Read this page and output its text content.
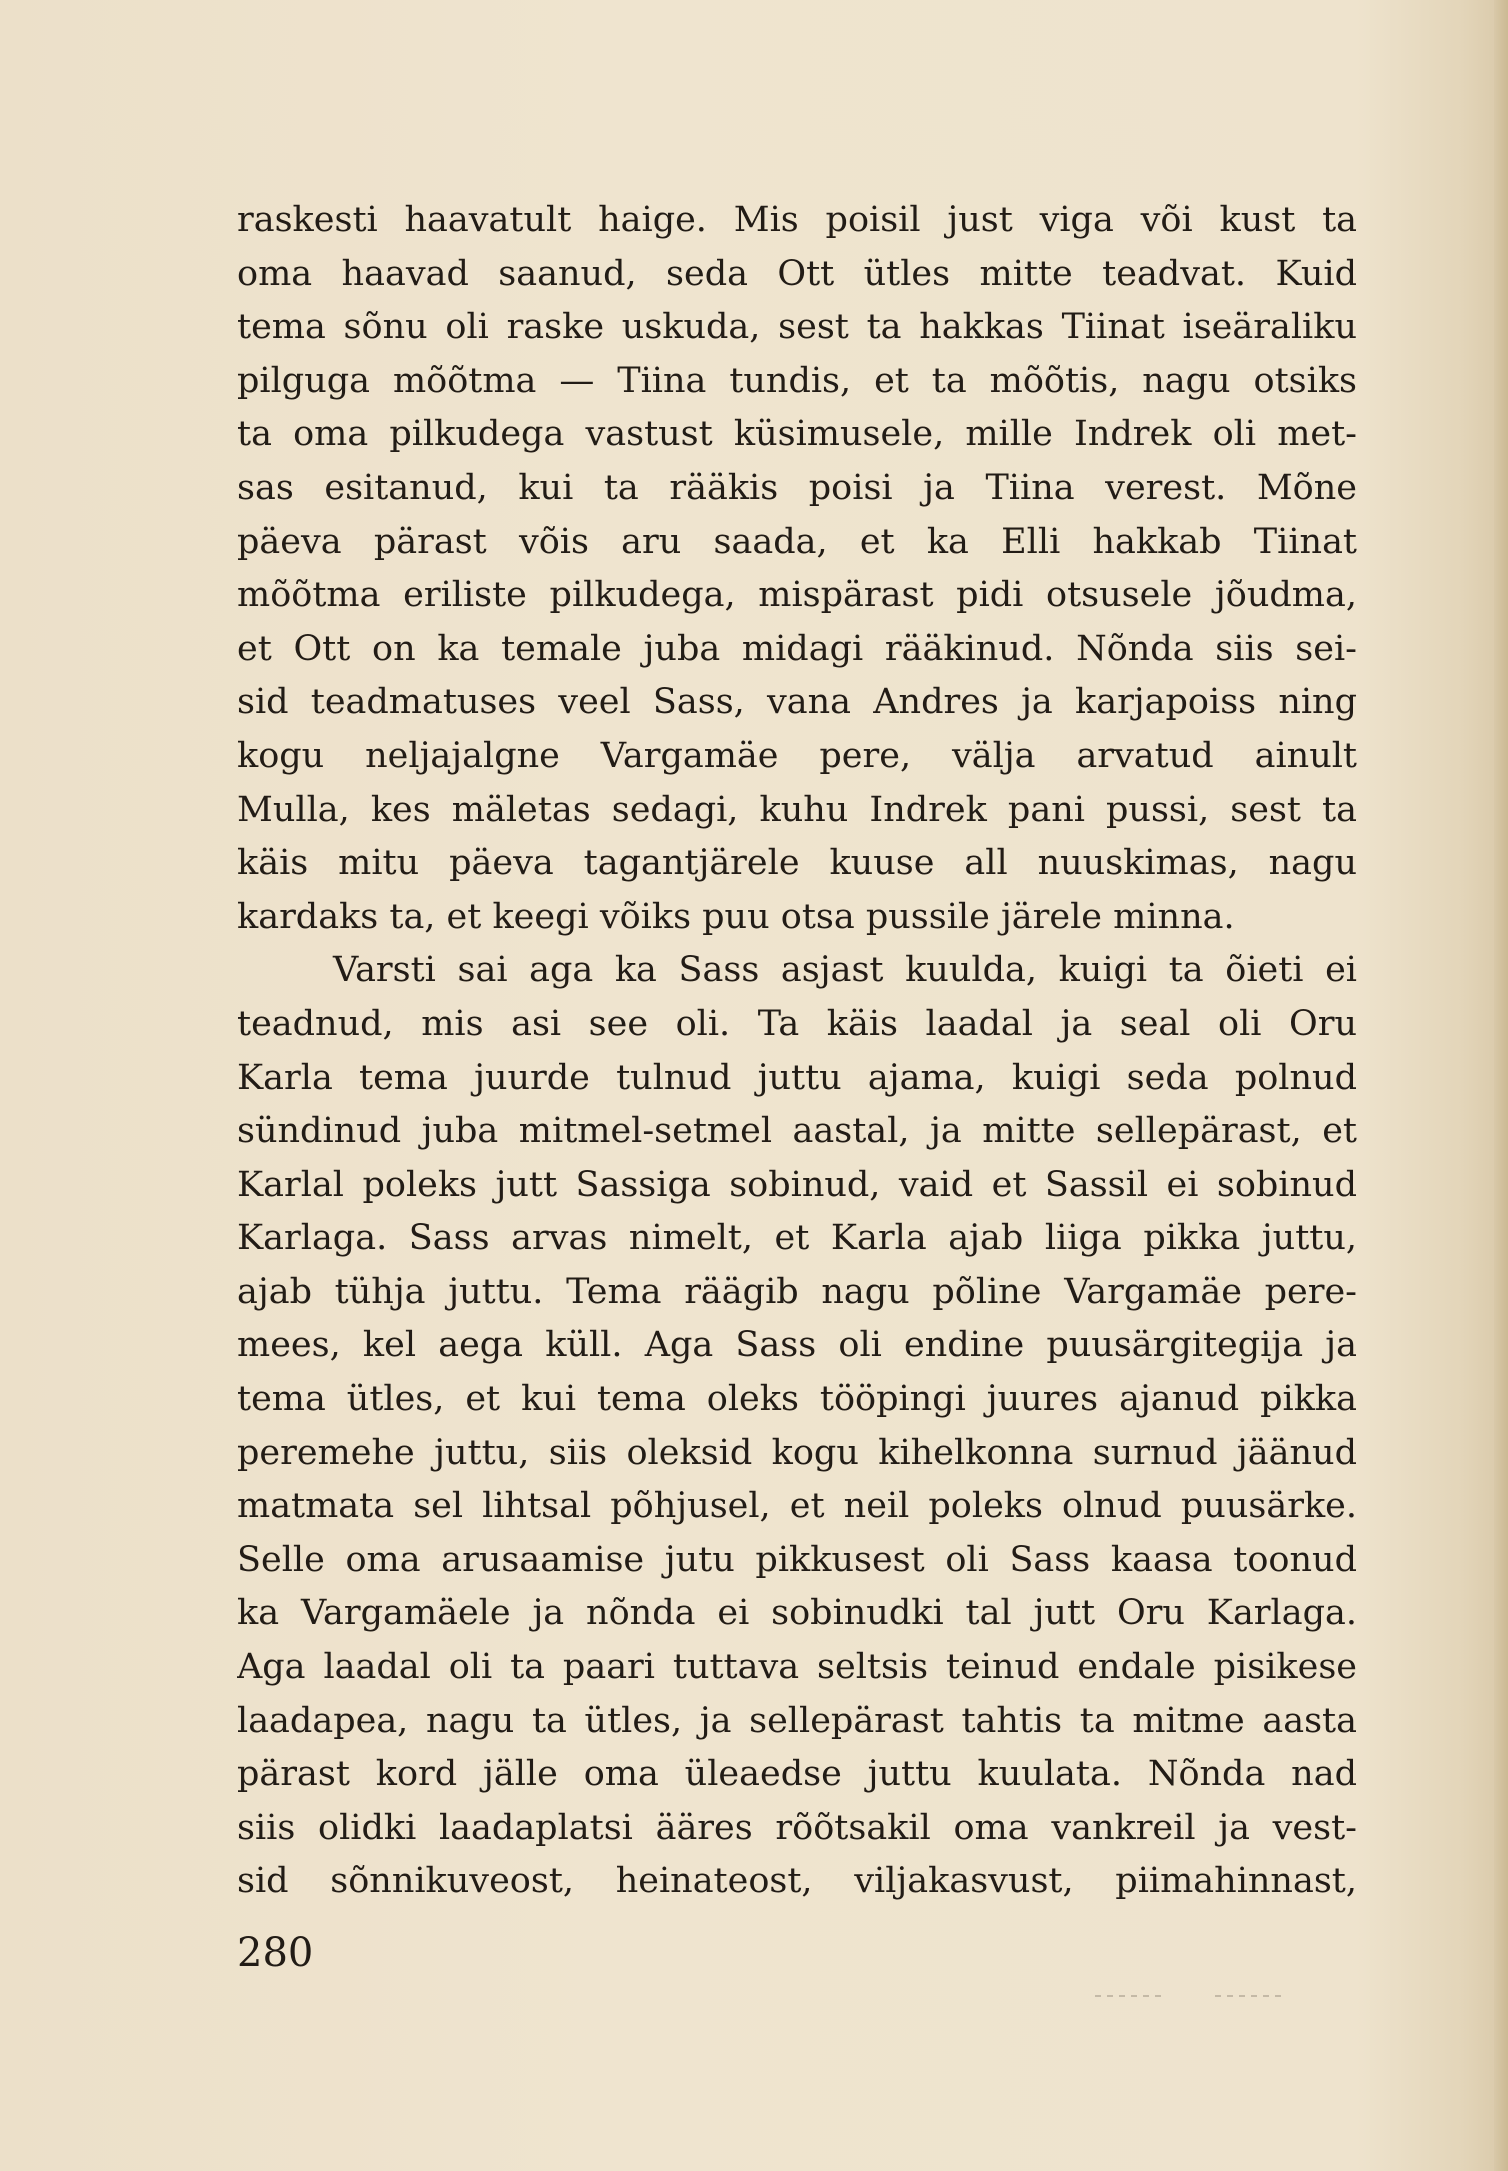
raskesti haavatult haige. Mis poisil just viga või kust ta
oma haavad saanud, seda Ott ütles mitte teadvat. Kuid
tema sõnu oli raske uskuda, sest ta hakkas Tiinat iseäraliku
pilguga mõõtma — Tiina tundis, et ta mõõtis, nagu otsiks
ta oma pilkudega vastust küsimusele, mille Indrek oli met-
sas esitanud, kui ta rääkis poisi ja Tiina verest. Mõne
päeva pärast võis aru saada, et ka Elli hakkab Tiinat
mõõtma eriliste pilkudega, mispärast pidi otsusele jõudma,
et Ott on ka temale juba midagi rääkinud. Nõnda siis sei-
sid teadmatuses veel Sass, vana Andres ja karjapoiss ning
kogu neljajalgne Vargamäe pere, välja arvatud ainult
Mulla, kes mäletas sedagi, kuhu Indrek pani pussi, sest ta
käis mitu päeva tagantjärele kuuse all nuuskimas, nagu
kardaks ta, et keegi võiks puu otsa pussile järele minna.
Varsti sai aga ka Sass asjast kuulda, kuigi ta õieti ei
teadnud, mis asi see oli. Ta käis laadal ja seal oli Oru
Karla tema juurde tulnud juttu ajama, kuigi seda polnud
sündinud juba mitmel-setmel aastal, ja mitte sellepärast, et
Karlal poleks jutt Sassiga sobinud, vaid et Sassil ei sobinud
Karlaga. Sass arvas nimelt, et Karla ajab liiga pikka juttu,
ajab tühja juttu. Tema räägib nagu põline Vargamäe pere-
mees, kel aega küll. Aga Sass oli endine puusärgitegija ja
tema ütles, et kui tema oleks tööpingi juures ajanud pikka
peremehe juttu, siis oleksid kogu kihelkonna surnud jäänud
matmata sel lihtsal põhjusel, et neil poleks olnud puusärke.
Selle oma arusaamise jutu pikkusest oli Sass kaasa toonud
ka Vargamäele ja nõnda ei sobinudki tal jutt Oru Karlaga.
Aga laadal oli ta paari tuttava seltsis teinud endale pisikese
laadapea, nagu ta ütles, ja sellepärast tahtis ta mitme aasta
pärast kord jälle oma üleaedse juttu kuulata. Nõnda nad
siis olidki laadaplatsi ääres rõõtsakil oma vankreil ja vest-
sid sõnnikuveost, heinateost, viljakasvust, piimahinnast,
280
